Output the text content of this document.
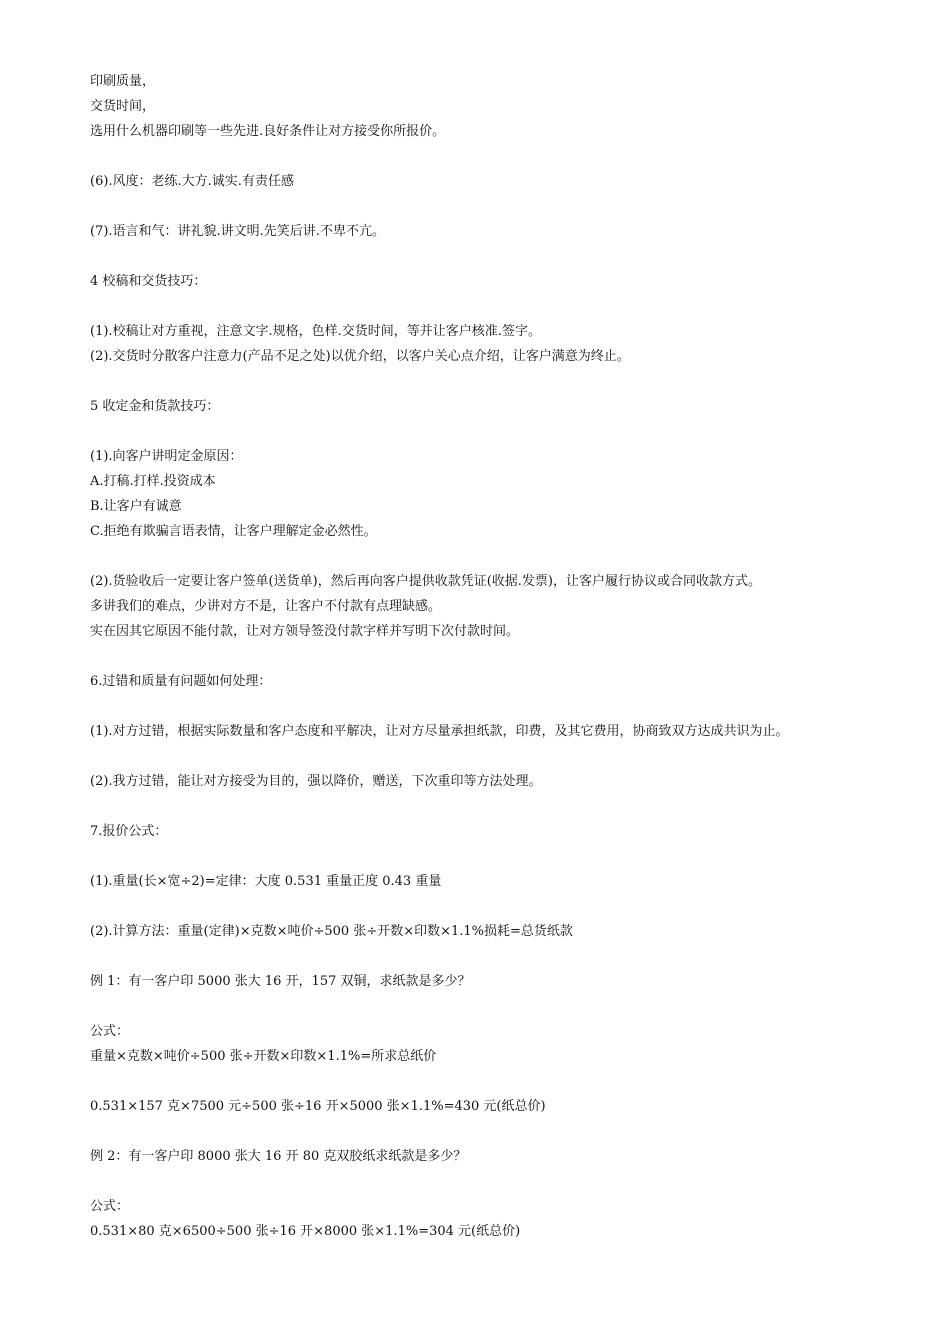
印刷质量，
交货时间，
选用什么机器印刷等一些先进.良好条件让对方接受你所报价。
(6).风度：老练.大方.诚实.有责任感
(7).语言和气：讲礼貌.讲文明.先笑后讲.不卑不亢。
4 校稿和交货技巧：
(1).校稿让对方重视，注意文字.规格，色样.交货时间，等并让客户核准.签字。
(2).交货时分散客户注意力(产品不足之处)以优介绍，以客户关心点介绍，让客户满意为终止。
5 收定金和货款技巧：
(1).向客户讲明定金原因：
A.打稿.打样.投资成本
B.让客户有诚意
C.拒绝有欺骗言语表情，让客户理解定金必然性。
(2).货验收后一定要让客户签单(送货单)，然后再向客户提供收款凭证(收据.发票)，让客户履行协议或合同收款方式。
多讲我们的难点，少讲对方不是，让客户不付款有点理缺感。
实在因其它原因不能付款，让对方领导签没付款字样并写明下次付款时间。
6.过错和质量有问题如何处理：
(1).对方过错，根据实际数量和客户态度和平解决，让对方尽量承担纸款，印费，及其它费用，协商致双方达成共识为止。
(2).我方过错，能让对方接受为目的，强以降价，赠送，下次重印等方法处理。
7.报价公式：
(1).重量(长×宽÷2)=定律：大度 0.531 重量正度 0.43 重量
(2).计算方法：重量(定律)×克数×吨价÷500 张÷开数×印数×1.1%损耗=总货纸款
例 1：有一客户印 5000 张大 16 开，157 双铜，求纸款是多少？
公式：
重量×克数×吨价÷500 张÷开数×印数×1.1%=所求总纸价
0.531×157 克×7500 元÷500 张÷16 开×5000 张×1.1%=430 元(纸总价)
例 2：有一客户印 8000 张大 16 开 80 克双胶纸求纸款是多少？
公式：
0.531×80 克×6500÷500 张÷16 开×8000 张×1.1%=304 元(纸总价)
